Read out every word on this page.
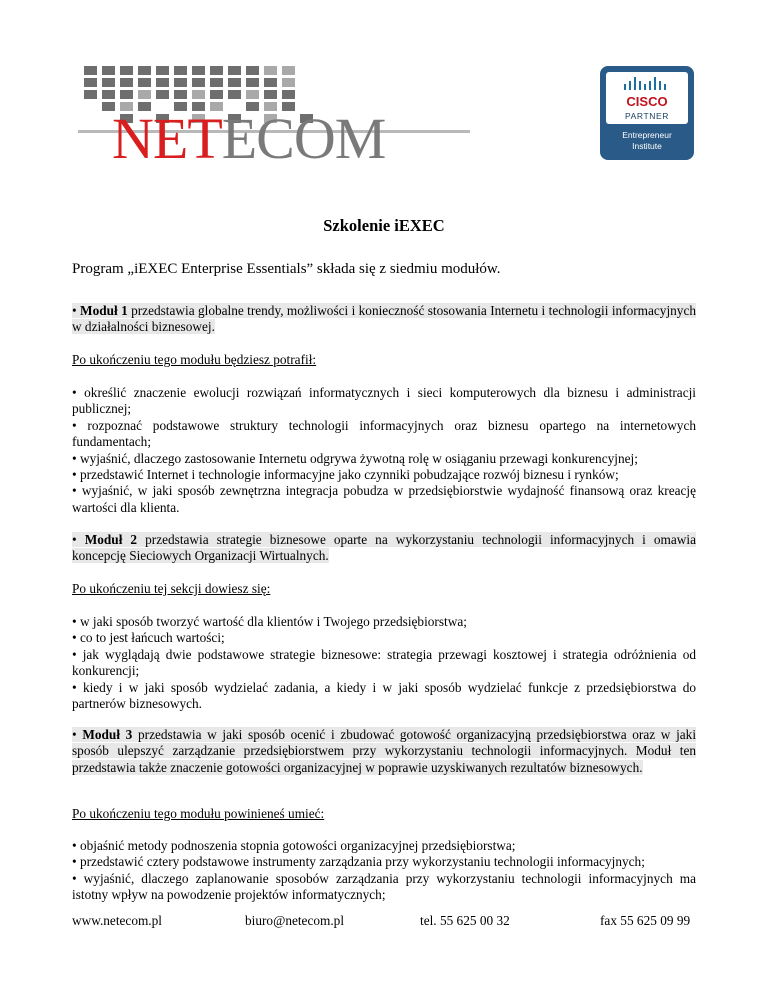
NETECOM
CISCO
PARTNER
Entrepreneur
Institute
Szkolenie iEXEC
Program „iEXEC Enterprise Essentials” składa się z siedmiu modułów.
• Moduł 1 przedstawia globalne trendy, możliwości i konieczność stosowania Internetu i technologii informacyjnych w działalności biznesowej.
Po ukończeniu tego modułu będziesz potrafił:

• określić znaczenie ewolucji rozwiązań informatycznych i sieci komputerowych dla biznesu i administracji publicznej;

• rozpoznać podstawowe struktury technologii informacyjnych oraz biznesu opartego na internetowych fundamentach;

• wyjaśnić, dlaczego zastosowanie Internetu odgrywa żywotną rolę w osiąganiu przewagi konkurencyjnej;

• przedstawić Internet i technologie informacyjne jako czynniki pobudzające rozwój biznesu i rynków;

• wyjaśnić, w jaki sposób zewnętrzna integracja pobudza w przedsiębiorstwie wydajność finansową oraz kreację wartości dla klienta.

• Moduł 2 przedstawia strategie biznesowe oparte na wykorzystaniu technologii informacyjnych i omawia koncepcję Sieciowych Organizacji Wirtualnych.
Po ukończeniu tej sekcji dowiesz się:

• w jaki sposób tworzyć wartość dla klientów i Twojego przedsiębiorstwa;

• co to jest łańcuch wartości;

• jak wyglądają dwie podstawowe strategie biznesowe: strategia przewagi kosztowej i strategia odróżnienia od konkurencji;

• kiedy i w jaki sposób wydzielać zadania, a kiedy i w jaki sposób wydzielać funkcje z przedsiębiorstwa do partnerów biznesowych.

• Moduł 3 przedstawia w jaki sposób ocenić i zbudować gotowość organizacyjną przedsiębiorstwa oraz w jaki sposób ulepszyć zarządzanie przedsiębiorstwem przy wykorzystaniu technologii informacyjnych. Moduł ten przedstawia także znaczenie gotowości organizacyjnej w poprawie uzyskiwanych rezultatów biznesowych.
Po ukończeniu tego modułu powinieneś umieć:

• objaśnić metody podnoszenia stopnia gotowości organizacyjnej przedsiębiorstwa;

• przedstawić cztery podstawowe instrumenty zarządzania przy wykorzystaniu technologii informacyjnych;

• wyjaśnić, dlaczego zaplanowanie sposobów zarządzania przy wykorzystaniu technologii informacyjnych ma istotny wpływ na powodzenie projektów informatycznych;

www.netecom.pl	biuro@netecom.pl	tel. 55 625 00 32	fax 55 625 09 99
